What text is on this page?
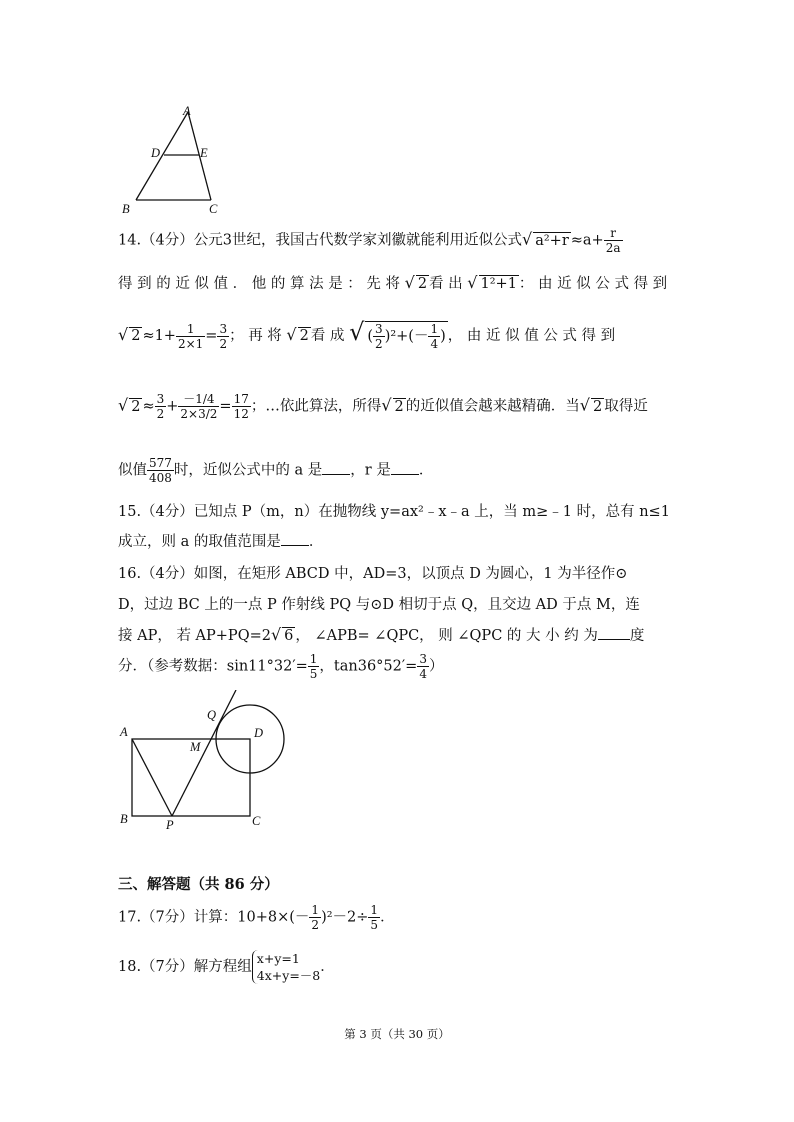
A
D	E
B	C
14.（4分）公元3世纪，我国古代数学家刘徽就能利用近似公式√ $a^2+r \approx a+ \frac{r}{2a}$
得 到 的 近 似 值 ． 他 的 算 法 是 ： 先 将 √ 2 看 出 √ 1²+1 ： 由 近 似 公 式 得 到
√ $2 \approx 1+ \frac{1}{2\times 1} = \frac{3}{2}$ ； 再 将 √ 2 看 成 √ ( $\frac{3}{2} )^2+(- \frac{1}{4}$ ) ， 由 近 似 值 公 式 得 到
√ $2 \approx \frac{3}{2} + \frac{-1/4}{2\times 3/2} = \frac{17}{12}$ ；…依此算法，所得√ 2 的近似值会越来越精确．当√ 2 取得近
似值 $\frac{577}{408}$ 时，近似公式中的 a 是 ，r 是 ．
15.（4分）已知点 P（m，n）在抛物线 y=ax²﹣x﹣a 上，当 m≥﹣1 时，总有 n≤1
成立，则 a 的取值范围是 ．
16.（4分）如图，在矩形 ABCD 中，AD=3，以顶点 D 为圆心，1 为半径作⊙
D，过边 BC 上的一点 P 作射线 PQ 与⊙D 相切于点 Q，且交边 AD 于点 M，连
接 AP， 若 AP+PQ=2√ 6 ， ∠APB= ∠QPC， 则 ∠QPC 的 大 小 约 为 度
分．（参考数据：$\sin 11^\circ 32'= \frac{1}{5}$ ，$\tan 36^\circ 52'= \frac{3}{4}$ ）
Q
A
M
D
B	P	C
三、解答题（共 86 分）
17.（7分）计算：$10+8\times(- \frac{1}{2} )^2-2\div \frac{1}{5}$ ．
18.（7分）解方程组
x+y=1
4x+y=－8
．
第 3 页（共 30 页）
